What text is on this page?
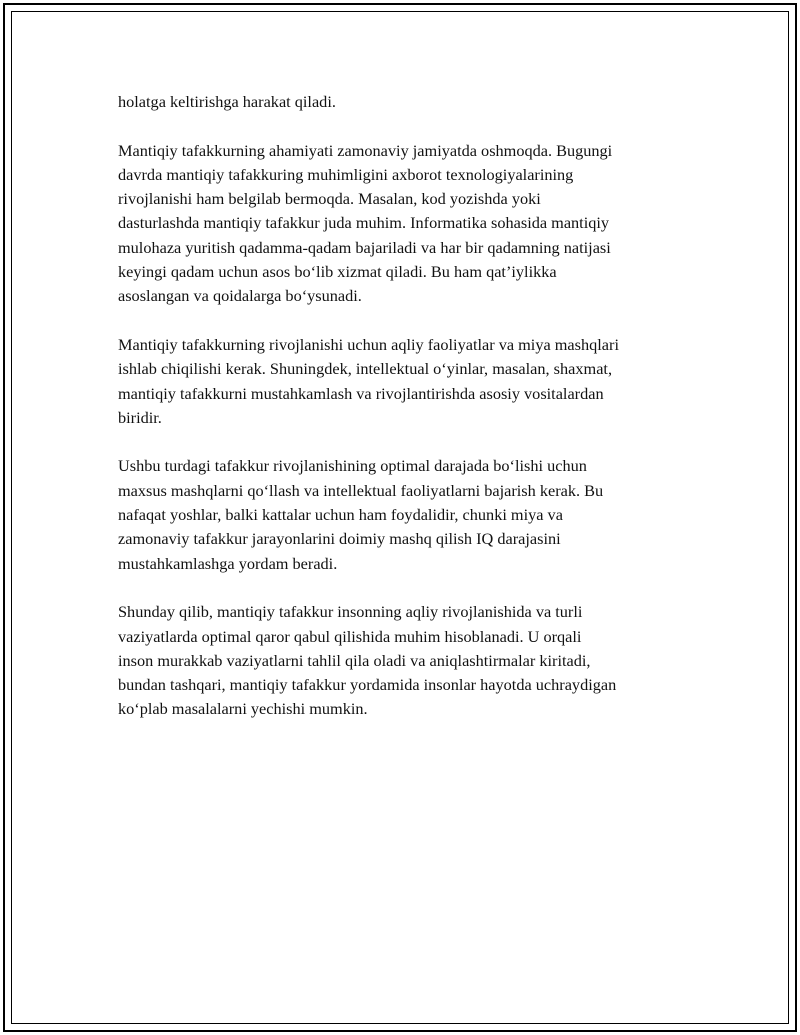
holatga keltirishga harakat qiladi.

Mantiqiy tafakkurning ahamiyati zamonaviy jamiyatda oshmoqda. Bugungi
davrda mantiqiy tafakkuring muhimligini axborot texnologiyalarining
rivojlanishi ham belgilab bermoqda. Masalan, kod yozishda yoki
dasturlashda mantiqiy tafakkur juda muhim. Informatika sohasida mantiqiy
mulohaza yuritish qadamma-qadam bajariladi va har bir qadamning natijasi
keyingi qadam uchun asos bo‘lib xizmat qiladi. Bu ham qat’iylikka
asoslangan va qoidalarga bo‘ysunadi.

Mantiqiy tafakkurning rivojlanishi uchun aqliy faoliyatlar va miya mashqlari
ishlab chiqilishi kerak. Shuningdek, intellektual o‘yinlar, masalan, shaxmat,
mantiqiy tafakkurni mustahkamlash va rivojlantirishda asosiy vositalardan
biridir.

Ushbu turdagi tafakkur rivojlanishining optimal darajada bo‘lishi uchun
maxsus mashqlarni qo‘llash va intellektual faoliyatlarni bajarish kerak. Bu
nafaqat yoshlar, balki kattalar uchun ham foydalidir, chunki miya va
zamonaviy tafakkur jarayonlarini doimiy mashq qilish IQ darajasini
mustahkamlashga yordam beradi.

Shunday qilib, mantiqiy tafakkur insonning aqliy rivojlanishida va turli
vaziyatlarda optimal qaror qabul qilishida muhim hisoblanadi. U orqali
inson murakkab vaziyatlarni tahlil qila oladi va aniqlashtirmalar kiritadi,
bundan tashqari, mantiqiy tafakkur yordamida insonlar hayotda uchraydigan
ko‘plab masalalarni yechishi mumkin.
